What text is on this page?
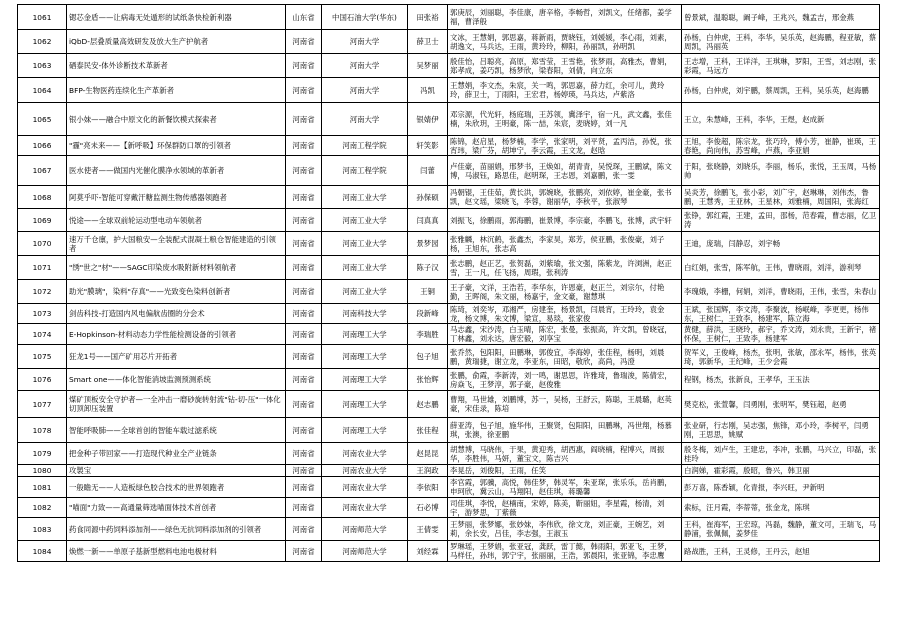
1061	锶芯金盾——让病毒无处遁形的试纸条快检新利器	山东省	中国石油大学(华东)	田张裕	郭庚辰，刘丽聪，李佳康，唐辛格，李畅哲，刘凯文，任绪都，姜学福，曹泽般	曾景斌，温聪聪，阚子峰，王兆兴，魏孟吉，邢金燕
1062	iQbD-层叠质量高效研发及放大生产护航者	河南省	河南大学	薛卫士	文冰，王慧娟，郭思嘉，蒋新雨，贾晓钰，刘媛媛，李心雨，刘素，胡逸文，马兵达，王雨，黄玲玲，柳阳，孙丽凯，孙明凯	孙杨，白仲虎，王科，李华，吴乐英，赵海鹏，程亚敏，蔡周凯，冯丽英
1063	硒泰民安-体外诊断技术革新者	河南省	河南大学	吴梦丽	殷佳怡，吕聪亮，高原，郑雪莹，王雪艳，张梦雨，高雅杰，曹娟，郑孝成，姜巧凯，杨梦欣，梁春阳，刘倩，向立东	王志增，王科，王详洋，王琪琳，罗阳，王雪，刘志刚，张彩霞，马远方
1064	BFP-生物医药连续化生产革新者	河南省	河南大学	冯凯	王慧娟，李文杰，朱宸，关一鸣，郭思嘉，薛力红，余可儿，黄玲玲，薛卫士，丁雨阳，王宏君，杨婷瑛，马兵达，卢紫洛	孙杨，白仲虎，刘宇鹏，蔡周凯，王科，吴乐英，赵海鹏
1065	银小妹——融合中原文化的新餐饮模式探索者	河南省	河南大学	银婧伊	邓宗源，代光轩，杨庭瑞，王苏领，冀泽宇，宿一凡，武文鑫，张佳楠，朱欣玥，王明豪，陈一喆，朱宸，麦晓婷，刘一凡	王立，朱慧峰，王科，李华，王煜，赵成新
1066	"霾"亮未来——【新呼吸】环保群防口罩的引领者	河南省	河南工程学院	轩笑影	陈锦，赵启星，杨梦楠，李学，张家明，刘平贤，孟丙洁，孙悦，张宵玮，梁广芬，胡坤宁，李云霞，王文龙，赵晗	王旭，李俊超，陈宗龙，张巧玲，傅小芳，崔静，崔瑛，王春艳，尚向伟，苏雪峰，卢燕，李亚娟
1067	医水使者——做国内光催化膜净水领域的革新者	河南省	河南工程学院	闫蕾	卢佳豪，苗丽娟，邢梦书，王焕如，胡青青，吴悦琛，王鹏斌，陈文博，马淑钰，路思佳，赵明琛，王志恩，刘嘉鹏，张一雯	于阳，张晓静，刘晓乐，李丽，杨乐，张悦，王玉周，马杨帅
1068	阿莫乎吓-智能可穿戴汗糖监测生物传感器领跑者	河南省	河南工业大学	孙保硕	冯朝锟，王佳茹，黄长洪，郭婉晓，张鹏亮，刘依婷，崔金豪，张书凯，赵文瑶，梁晓飞，李蓉，谢丽华，李秋平，张淑琴	吴炎芳，徐鹏飞，张小彩，刘广宇，赵琳琳，刘伟杰，鲁鹏，王慧秀，王亚林，王星林，刘雅楠，周国阳，张海红
1069	悦途——全球双前轮运动型电动车领航者	河南省	河南工业大学	闫真真	刘振飞，徐鹏雨，郭海鹏，崔景博，李宗豪，李鹏飞，张博，武宇轩	张铮，郭红霞，王建，孟田，邵杨，范春霞，曹志丽，亿卫涛
1070	速万千仓廪，护大国粮安—全装配式混凝土粮仓智能建造的引领者	河南省	河南工业大学	景梦园	张雅麟，林沉鹤，张鑫杰，李家昊，郑芳，侯亚鹏，张俊豪，刘子杨，王旭东，张志高	王迪，庞瑞，闫静忍，刘宇畅
1071	"绣"世之"材"——SAGC印染废水吸附新材料领航者	河南省	河南工业大学	陈子汉	张志鹏，赵正艺，张贺磊，刘紫瑜，张文强，陈紫龙，许浏洲，赵正雪，王一凡，任飞扬，周瑕，张利涛	白红娟，张雪，陈军航，王伟，曹晓雨，刘洋，游利琴
1072	助光"膜璃"，染料"存真"——光致变色染料创新者	河南省	河南工业大学	王铜	王子豪，文洋，王浩若，李华东，许恩豪，赵正兰，刘宗尔，付艳勤，王晖阁，朱文丽，杨嘉宇，金文豪，谢慧琪	李瑰娥，李栅，何娟，刘洋，曹晓雨，王伟，张雪，朱春山
1073	剑齿科技-打造国内风电偏航齿圈的分会术	河南省	河南科技大学	段新峰	陈琦，刘奕岑，邓湘严，房建奎，杨景凯，闫晨宵，王玲玲，袁金龙，杨文博，朱文博，梁宣，易琰，张家俊	王斌，张国辉，李文涛，李聚波，杨岷峰，李更更，杨伟东，王树仁，王致李，杨建军，陈立海
1074	E-Hopkinson-材料动态力学性能检测设备的引领者	河南省	河南理工大学	李瑞胜	马志鑫，宋沙涛，白玉晴，陈宏，张曼，张振高，许文凯，曾晓冠，丁林鑫，刘永达，唐宏毅，刘享宝	黄健，薛洪，王晓玲，郝宇，乔文涛，刘永贵，王新宇，褚怀保，王树仁，王致李，杨建军
1075	狂龙1号——国产矿用芯片开拓者	河南省	河南理工大学	包子旭	张乔然，包阳阳，田鹏琳，郭俊宜，李海婷，张佳程，杨明，刘晨鹏，黄瑞捷，谢立龙，李亚东，田昭，敬欣，高尚，冯澄	贺军义，王俊峰，杨杰，张明，张敏，邵永军，杨伟，张英琦，郭新华，王纪峰，王少会霞
1076	Smart one——体化智能消坡监测预测系统	河南省	河南理工大学	张怡辉	张鹏，俞霞，李新涛，刘一鸣，谢思思，许雅琦，鲁瑞浚，陈倩宏，房焱飞，王梦淳，郭子豪，赵俊雅	程钢，杨杰，张新良，王孝华，王玉法
1077	煤矿顶板安全守护者—一全冲击一磨砂旋转射流"钻-切-压"一体化切顶卸压装置	河南省	河南理工大学	赵志鹏	曹翔，马世雄，刘鹏博，苏一，吴杨，王舒云，陈聪，王晨璐，赵英豪，宋佳录，陈培	樊克松，张萱馨，闫勇刚，张明军，樊钰超，赵勇
1078	智能呼吸肺——全球首创的智能车载过滤系统	河南省	河南理工大学	张佳程	薛亚涛，包子旭，施华伟，王聚贤，包阳阳，田鹏琳，冯世翔，杨慕琪，张澳，徐亚鹏	张业研，行志刚，吴志强，焦锋，邓小玲，李树平，闫勇刚，王思思，姚赋
1079	把金种子带回家——打造现代种业全产业链条	河南省	河南农业大学	赵昆昆	胡慧博，马晓伟，于果，黄迎秀，胡西惠，阎晓楠，程博兴，周振华，李胜伟，马妍，董宝文，陈吉兴	殷冬梅，刘卢生，王建忠，李冲，张鹏，马兴立，印磊，张桂玲
1080	攻製宝	河南省	河南农业大学	王润政	李晃岳，刘俊阳，王雨，任笑	白润娣，霍彩霞，殷昭，鲁兴，韩卫丽
1081	一般瞻无——人造板绿色胶合技术的世界领跑者	河南省	河南农业大学	李依阳	李官霞，郭骥，高悦，韩佳梦，韩灵军，朱亚琛，张乐乐，岳肖鹏，申珂欣，冀云山，马翔阳，赵佳琪，蒋璐馨	彭万喜，陈香颖，化青报，李兴旺，尹新明
1082	"喵面"力致——高通量筛选喵面体技术首创者	河南省	河南农业大学	石必博	司佳琪，李悦，赵楠南，宋婷，陈美，靳丽妞，李星霞，杨清，刘宇，游梦思，丁紫薇	索标，汪月霞，李蒂蒂，张金龙，陈琪
1083	药食同源中药饲料添加剂——绿色无抗饲料添加剂的引领者	河南省	河南师范大学	王倩雯	王梦丽，张梦娜，张妙妹，李伟欣，徐文龙，刘正豪，王婉艺，刘莉，余长安，吕佳，李志强，王淑玉	王科，崔海军，王宏琼，冯磊，魏静，董文可，王瑞飞，马静浦，张佩佩，姜梦佳
1084	焕燃一新——单原子基新型燃料电池电极材料	河南省	河南师范大学	刘经霖	罗琳瑶，王梦娟，张亚冠，龚跃，雷丁懿，韩雨阳，郭亚飞，王梦，马样任，孙玮，郭宁宇，张丽丽，王浩，郭晨阳，张亚锦，李忠鹰	路战胜，王科，王灵修，王丹云，赵旭
